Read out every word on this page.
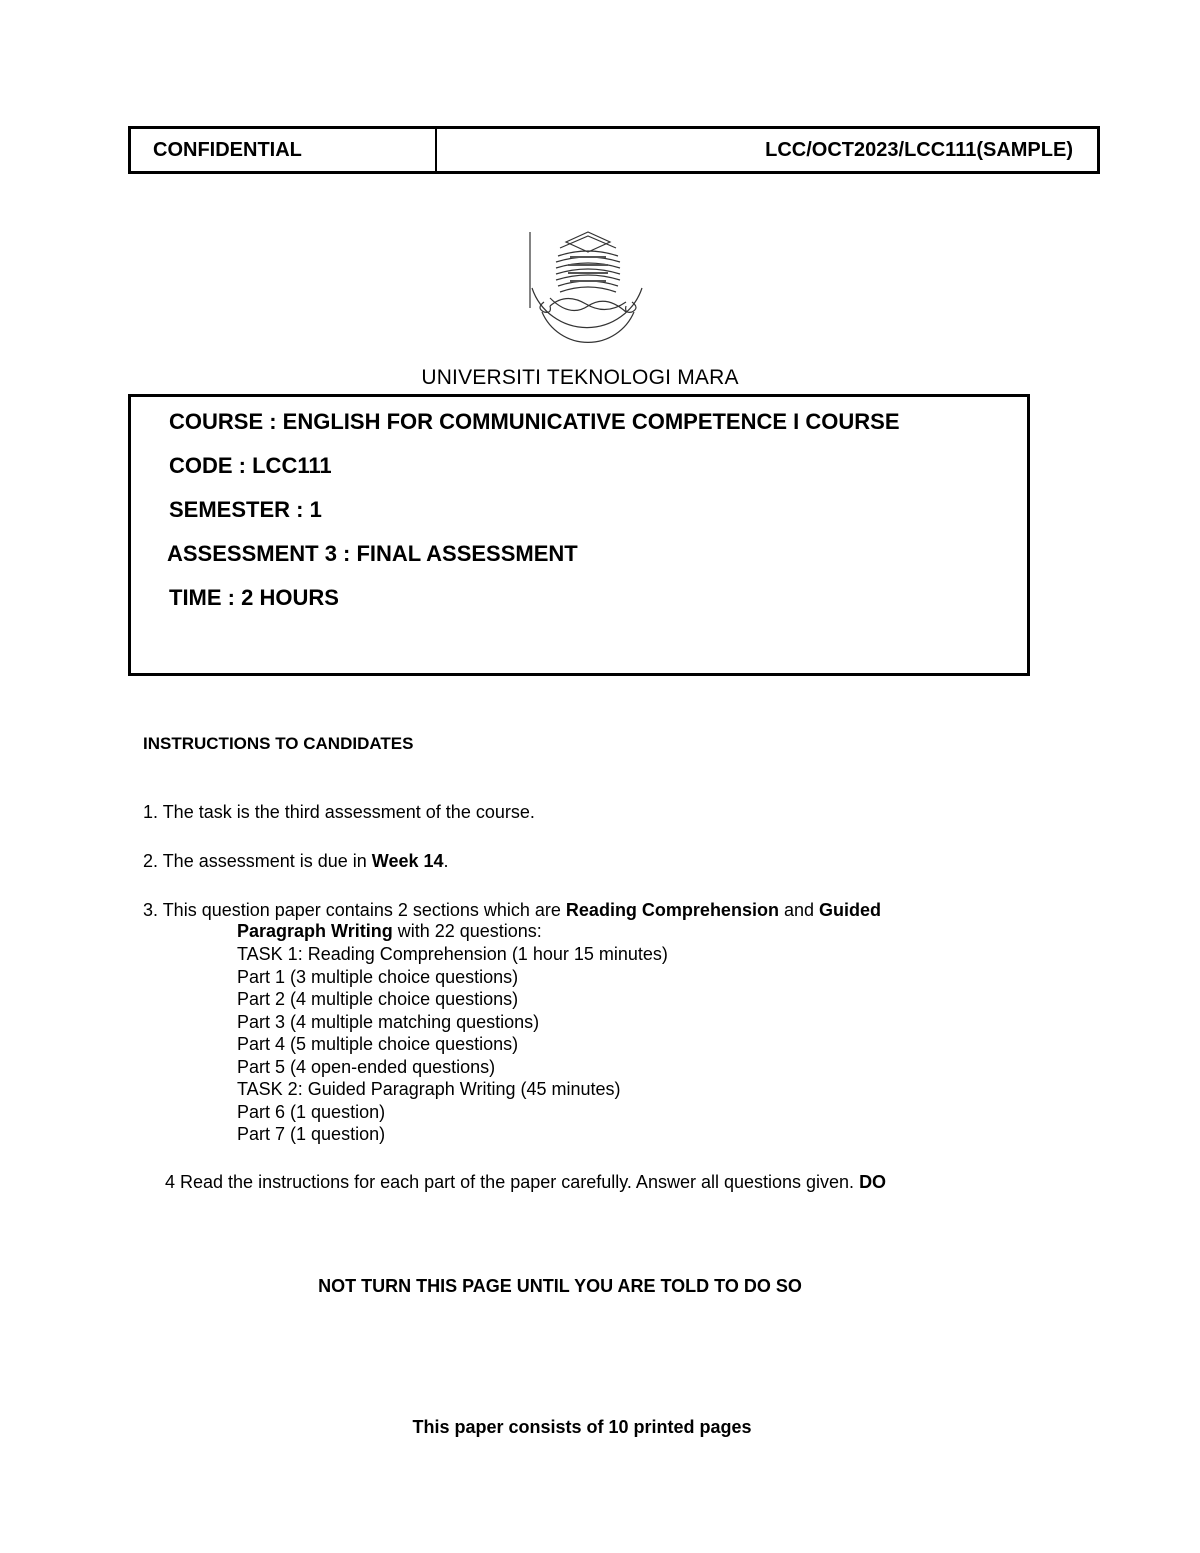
CONFIDENTIAL	LCC/OCT2023/LCC111(SAMPLE)
UNIVERSITI TEKNOLOGI MARA
COURSE : ENGLISH FOR COMMUNICATIVE COMPETENCE I COURSE
CODE : LCC111
SEMESTER : 1
ASSESSMENT 3 : FINAL ASSESSMENT
TIME : 2 HOURS
INSTRUCTIONS TO CANDIDATES
1. The task is the third assessment of the course.
2. The assessment is due in Week 14.
3. This question paper contains 2 sections which are Reading Comprehension and Guided
Paragraph Writing with 22 questions:
TASK 1: Reading Comprehension (1 hour 15 minutes)
Part 1 (3 multiple choice questions)
Part 2 (4 multiple choice questions)
Part 3 (4 multiple matching questions)
Part 4 (5 multiple choice questions)
Part 5 (4 open-ended questions)
TASK 2: Guided Paragraph Writing (45 minutes)
Part 6 (1 question)
Part 7 (1 question)
4 Read the instructions for each part of the paper carefully. Answer all questions given. DO
NOT TURN THIS PAGE UNTIL YOU ARE TOLD TO DO SO
This paper consists of 10 printed pages
